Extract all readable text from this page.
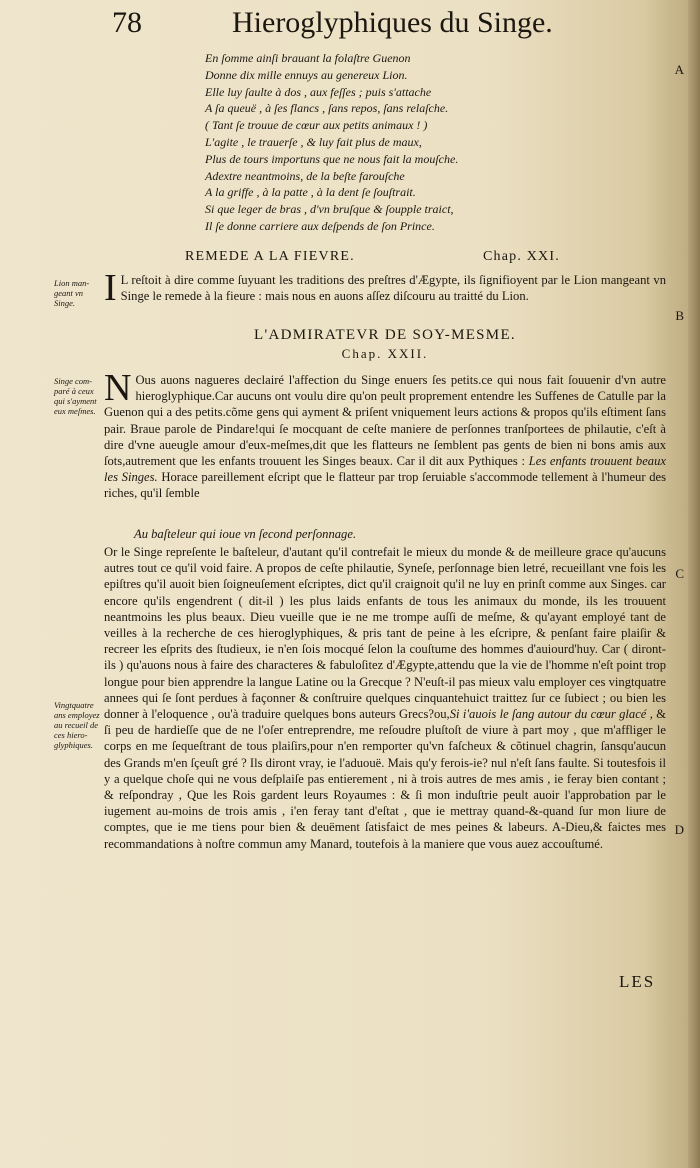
78	Hieroglyphiques du Singe.
En ſomme ainſi brauant la folaſtre Guenon
Donne dix mille ennuys au genereux Lion.
Elle luy ſaulte à dos , aux feſſes ; puis s'attache
A ſa queuë , à ſes flancs , ſans repos, ſans relaſche.
( Tant ſe trouue de cœur aux petits animaux ! )
L'agite , le trauerſe , & luy fait plus de maux,
Plus de tours importuns que ne nous fait la mouſche.
Adextre neantmoins, de la beſte farouſche
A la griffe , à la patte , à la dent ſe ſouſtrait.
Si que leger de bras , d'vn bruſque & ſoupple traict,
Il ſe donne carriere aux deſpends de ſon Prince.
A
B
C
D
REMEDE A LA FIEVRE.	Chap. XXI.
Lion man-geant vn Singe. I L reſtoit à dire comme ſuyuant les traditions des preſtres d'Ægypte, ils ſignifioyent par le Lion mangeant vn Singe le remede à la fieure : mais nous en auons aſſez diſcouru au traitté du Lion.

L'ADMIRATEVR DE SOY-MESME.
Chap. XXII.
Singe com-paré à ceux qui s'ayment eux meſmes.
Vingtquatre ans employez au recueil de ces hiero-glyphiques.

N Ous auons nagueres declairé l'affection du Singe enuers ſes petits.ce qui nous fait ſouuenir d'vn autre hieroglyphique.Car aucuns ont voulu dire qu'on peult proprement entendre les Suffenes de Catulle par la Guenon qui a des petits.cõme gens qui ayment & priſent vniquement leurs actions & propos qu'ils eſtiment ſans pair. Braue parole de Pindare!qui ſe mocquant de ceſte maniere de perſonnes tranſportees de philautie, c'eſt à dire d'vne aueugle amour d'eux-meſmes,dit que les flatteurs ne ſemblent pas gents de bien ni bons amis aux ſots,autrement que les enfants trouuent les Singes beaux. Car il dit aux Pythiques : Les enfants trouuent beaux les Singes. Horace pareillement eſcript que le flatteur par trop ſeruiable s'accommode tellement à l'humeur des riches, qu'il ſemble

Au baſteleur qui ioue vn ſecond perſonnage.

Or le Singe repreſente le baſteleur, d'autant qu'il contrefait le mieux du monde & de meilleure grace qu'aucuns autres tout ce qu'il void faire. A propos de ceſte philautie, Syneſe, perſonnage bien letré, recueillant vne fois les epiſtres qu'il auoit bien ſoigneuſement eſcriptes, dict qu'il craignoit qu'il ne luy en prinſt comme aux Singes. car encore qu'ils engendrent ( dit-il ) les plus laids enfants de tous les animaux du monde, ils les trouuent neantmoins les plus beaux. Dieu vueille que ie ne me trompe auſſi de meſme, & qu'ayant employé tant de veilles à la recherche de ces hieroglyphiques, & pris tant de peine à les eſcripre, & penſant faire plaiſir & recreer les eſprits des ſtudieux, ie n'en ſois mocqué ſelon la couſtume des hommes d'auiourd'huy. Car ( diront-ils ) qu'auons nous à faire des characteres & fabuloſitez d'Ægypte,attendu que la vie de l'homme n'eſt point trop longue pour bien apprendre la langue Latine ou la Grecque ? N'euſt-il pas mieux valu employer ces vingtquatre annees qui ſe ſont perdues à façonner & conſtruire quelques cinquantehuict traittez ſur ce ſubiect ; ou bien les donner à l'eloquence , ou'à traduire quelques bons auteurs Grecs?ou,Si i'auois le ſang autour du cœur glacé , & ſi peu de hardieſſe que de ne l'oſer entreprendre, me reſoudre pluſtoſt de viure à part moy , que m'affliger le corps en me ſequeſtrant de tous plaiſirs,pour n'en remporter qu'vn faſcheux & cõtinuel chagrin, ſansqu'aucun des Grands m'en ſçeuſt gré ? Ils diront vray, ie l'aduouë. Mais qu'y ferois-ie? nul n'eſt ſans faulte. Si toutesfois il y a quelque choſe qui ne vous deſplaiſe pas entierement , ni à trois autres de mes amis , ie feray bien contant ; & reſpondray , Que les Rois gardent leurs Royaumes : & ſi mon induſtrie peult auoir l'approbation par le iugement au-moins de trois amis , i'en feray tant d'eſtat , que ie mettray quand-&-quand ſur mon liure de comptes, que ie me tiens pour bien & deuëment ſatisfaict de mes peines & labeurs. A-Dieu,& faictes mes recommandations à noſtre commun amy Manard, toutefois à la maniere que vous auez accouſtumé.

LES
